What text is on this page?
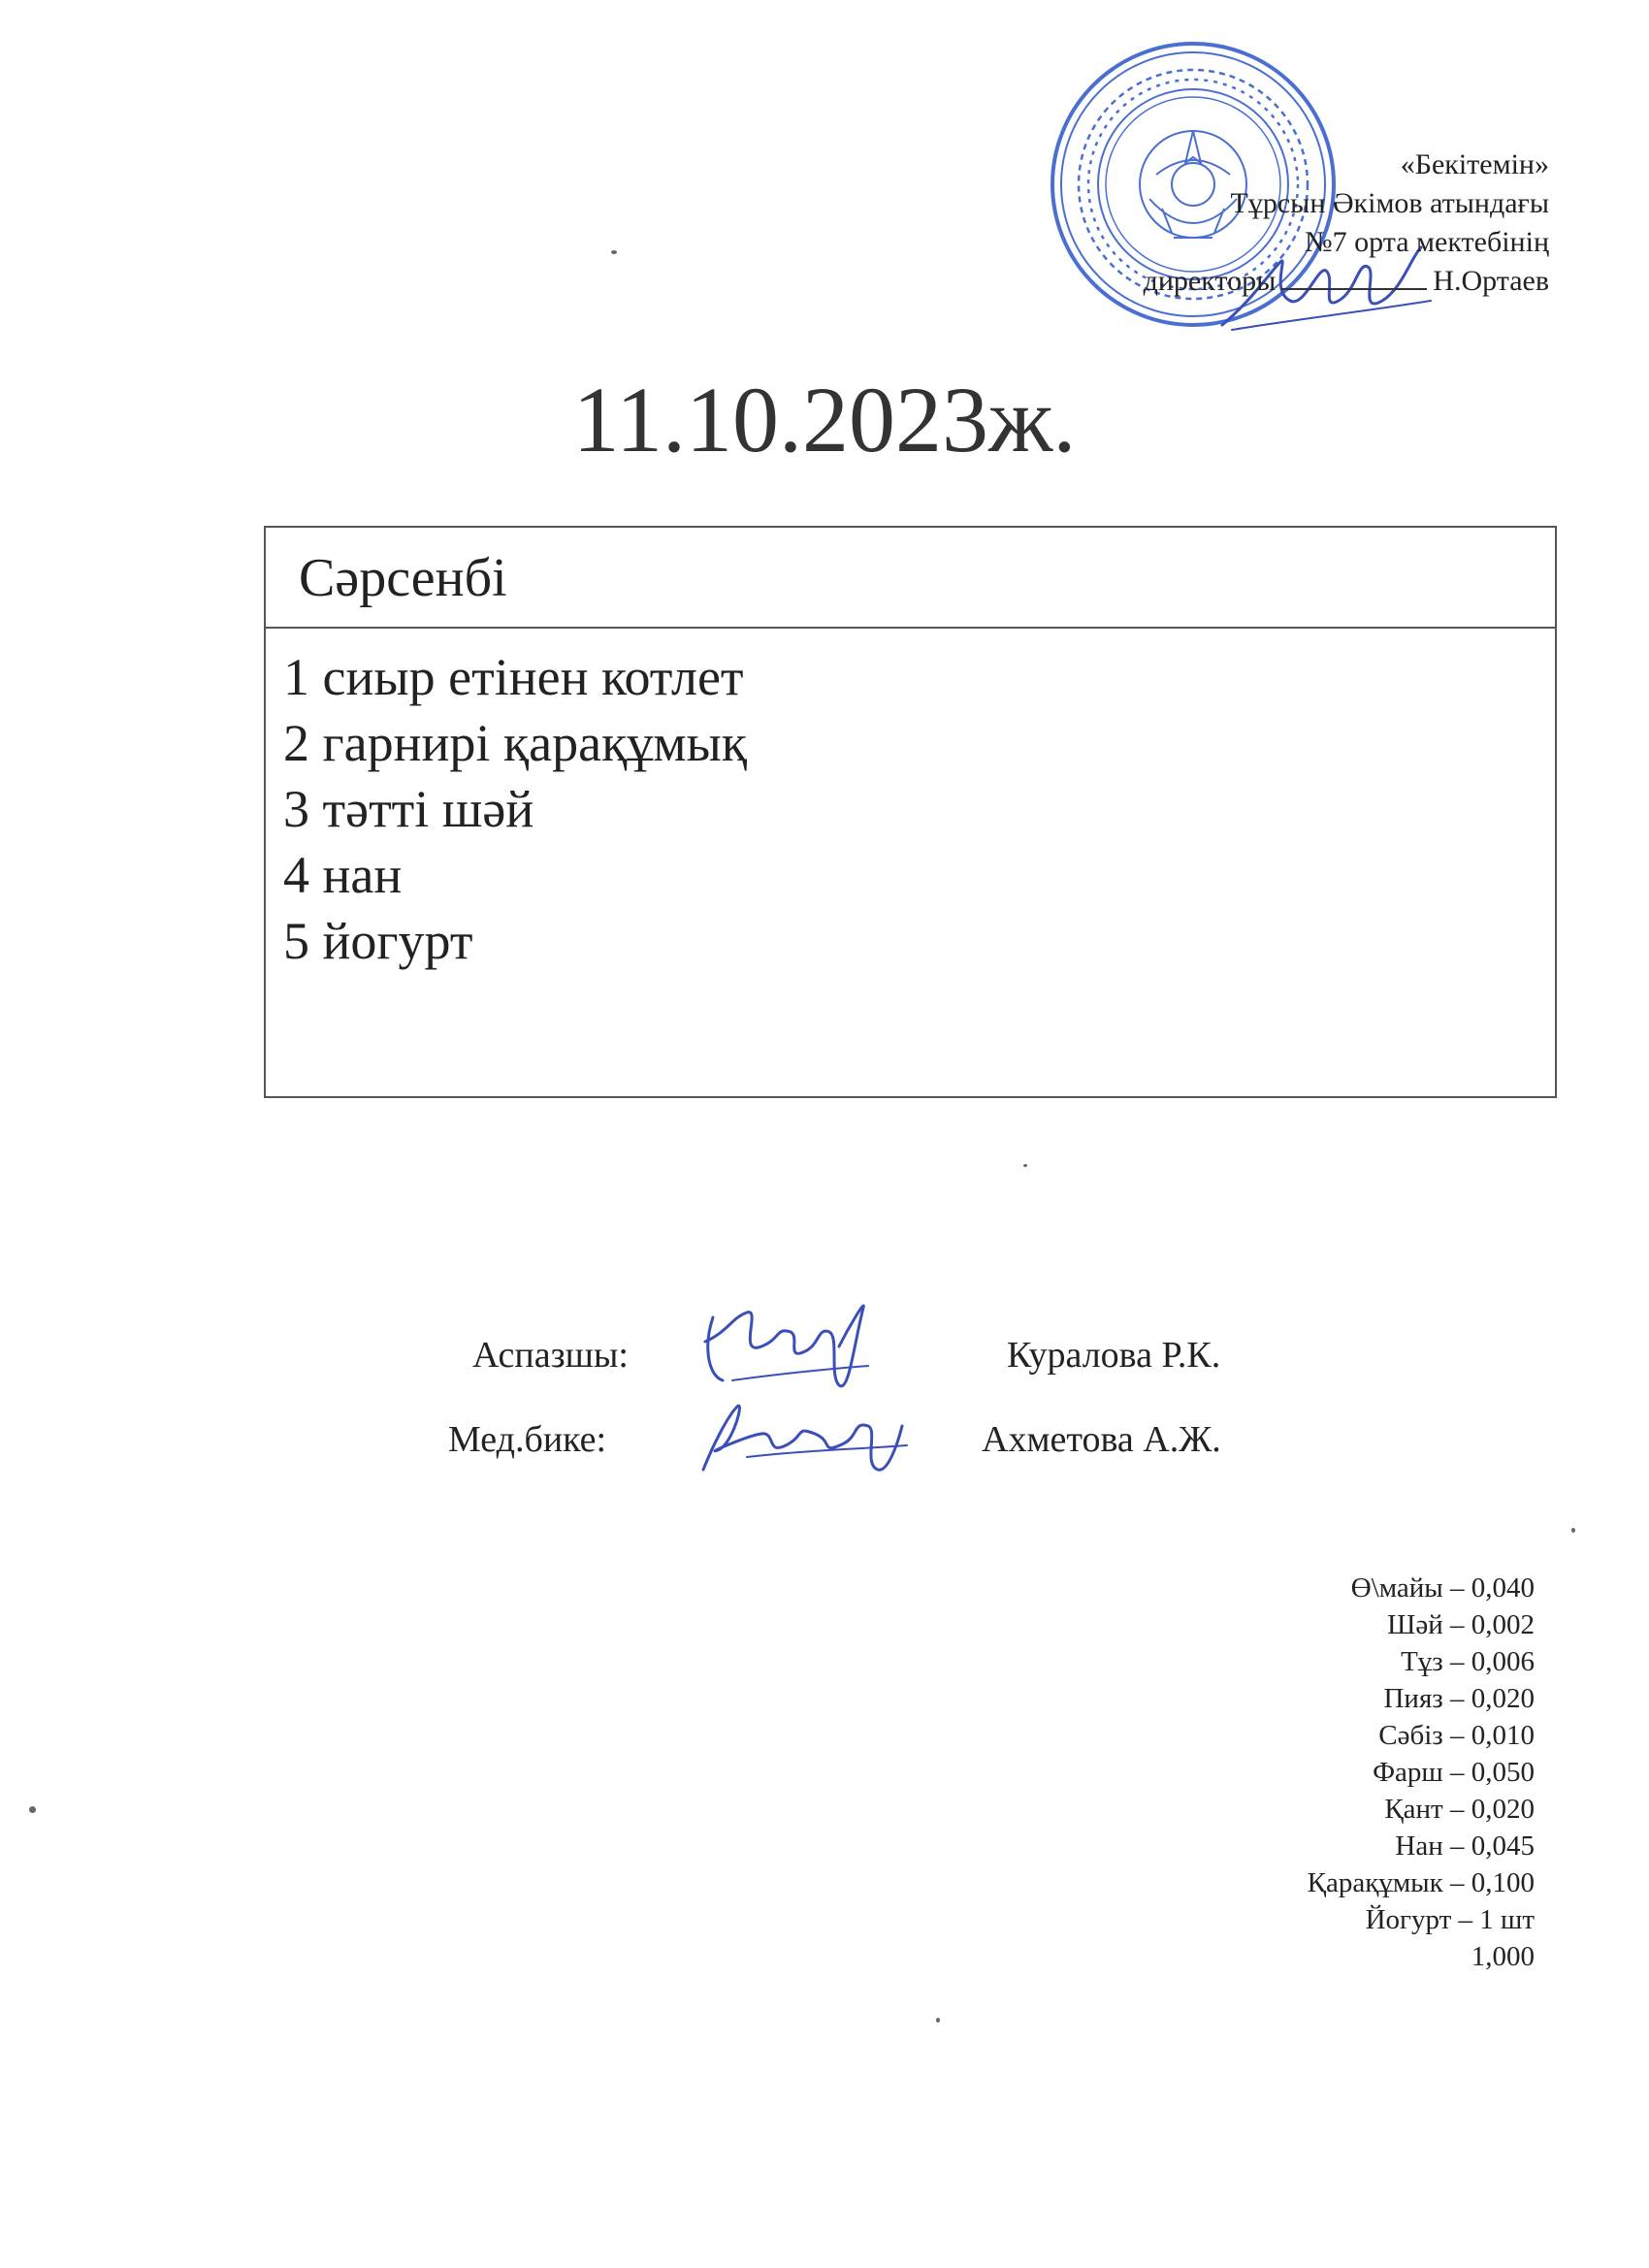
«Бекітемін»
Тұрсын Әкімов атындағы
№7 орта мектебінің
директоры	Н.Ортаев
11.10.2023ж.
Сәрсенбі
1 сиыр етінен котлет
2 гарнирі қарақұмық
3 тәтті шәй
4 нан
5 йогурт
Аспазшы:	Куралова Р.К.
Мед.бике:	Ахметова А.Ж.
Ө\майы – 0,040
Шәй – 0,002
Тұз – 0,006
Пияз – 0,020
Сәбіз – 0,010
Фарш – 0,050
Қант – 0,020
Нан – 0,045
Қарақұмык – 0,100
Йогурт – 1 шт
1,000
